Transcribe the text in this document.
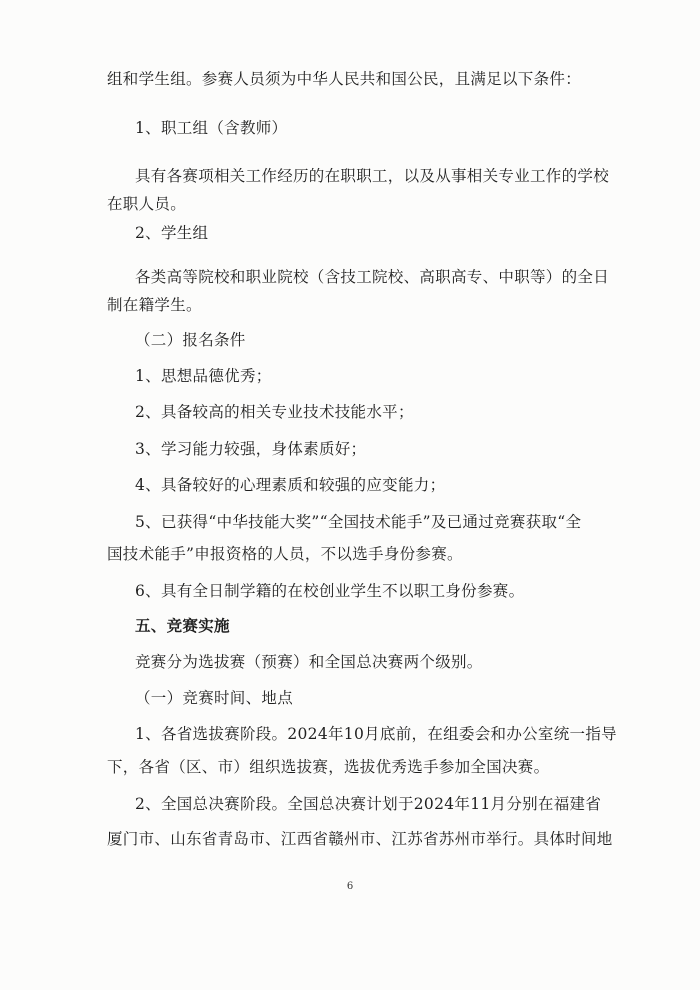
组和学生组。参赛人员须为中华人民共和国公民，且满足以下条件：
1、职工组（含教师）
具有各赛项相关工作经历的在职职工，以及从事相关专业工作的学校
在职人员。
2、学生组
各类高等院校和职业院校（含技工院校、高职高专、中职等）的全日
制在籍学生。
（二）报名条件
1、思想品德优秀；
2、具备较高的相关专业技术技能水平；
3、学习能力较强，身体素质好；
4、具备较好的心理素质和较强的应变能力；
5、已获得“中华技能大奖”“全国技术能手”及已通过竞赛获取“全
国技术能手”申报资格的人员，不以选手身份参赛。
6、具有全日制学籍的在校创业学生不以职工身份参赛。
五、竞赛实施
竞赛分为选拔赛（预赛）和全国总决赛两个级别。
（一）竞赛时间、地点
1、各省选拔赛阶段。2024年10月底前，在组委会和办公室统一指导
下，各省（区、市）组织选拔赛，选拔优秀选手参加全国决赛。
2、全国总决赛阶段。全国总决赛计划于2024年11月分别在福建省
厦门市、山东省青岛市、江西省赣州市、江苏省苏州市举行。具体时间地
6
